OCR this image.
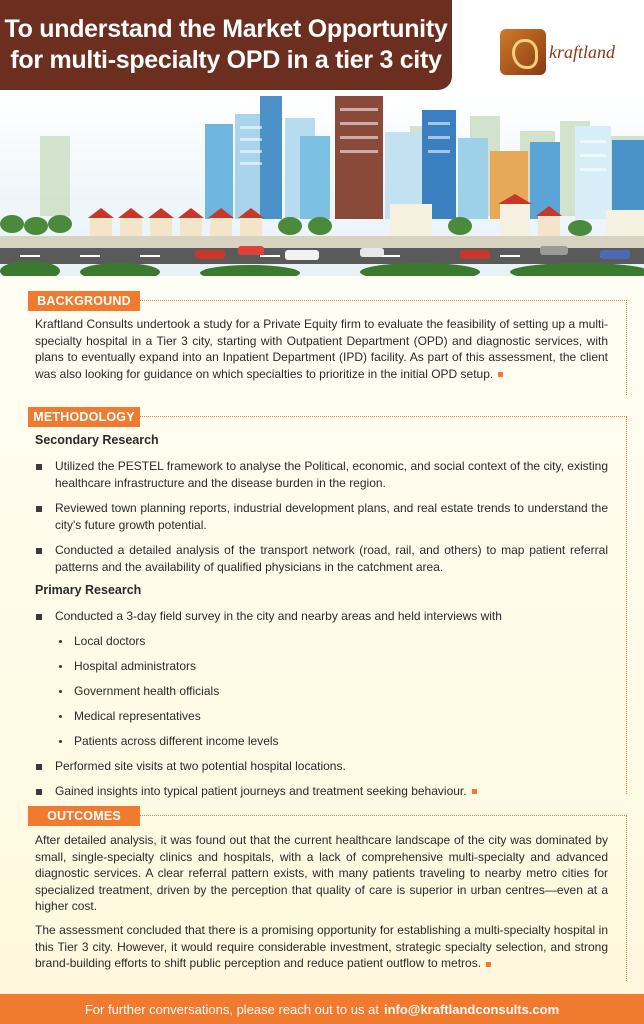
To understand the Market Opportunity
for multi-specialty OPD in a tier 3 city	kraftland
BACKGROUND

Kraftland Consults undertook a study for a Private Equity firm to evaluate the feasibility of setting up a multi-specialty hospital in a Tier 3 city, starting with Outpatient Department (OPD) and diagnostic services, with plans to eventually expand into an Inpatient Department (IPD) facility. As part of this assessment, the client was also looking for guidance on which specialties to prioritize in the initial OPD setup.

METHODOLOGY
Secondary Research
Utilized the PESTEL framework to analyse the Political, economic, and social context of the city, existing healthcare infrastructure and the disease burden in the region.
Reviewed town planning reports, industrial development plans, and real estate trends to understand the city's future growth potential.
Conducted a detailed analysis of the transport network (road, rail, and others) to map patient referral patterns and the availability of qualified physicians in the catchment area.
Primary Research
Conducted a 3-day field survey in the city and nearby areas and held interviews with
Local doctors
Hospital administrators
Government health officials
Medical representatives
Patients across different income levels
Performed site visits at two potential hospital locations.
Gained insights into typical patient journeys and treatment seeking behaviour.
OUTCOMES

After detailed analysis, it was found out that the current healthcare landscape of the city was dominated by small, single-specialty clinics and hospitals, with a lack of comprehensive multi-specialty and advanced diagnostic services. A clear referral pattern exists, with many patients traveling to nearby metro cities for specialized treatment, driven by the perception that quality of care is superior in urban centres—even at a higher cost.

The assessment concluded that there is a promising opportunity for establishing a multi-specialty hospital in this Tier 3 city. However, it would require considerable investment, strategic specialty selection, and strong brand-building efforts to shift public perception and reduce patient outflow to metros.

For further conversations, please reach out to us at info@kraftlandconsults.com
